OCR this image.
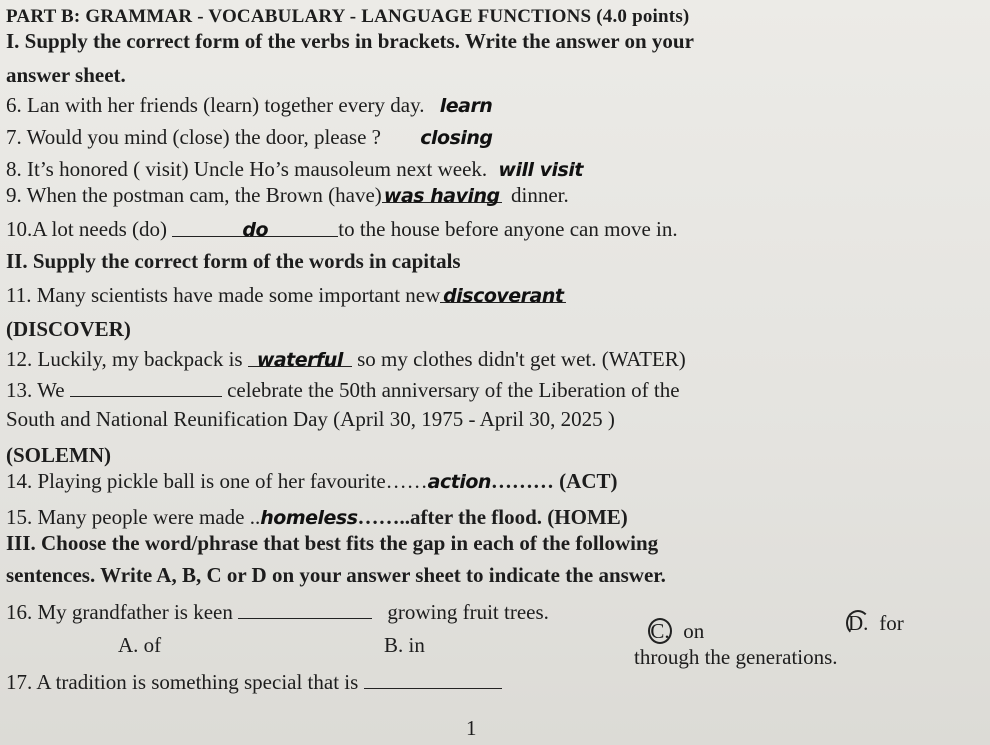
PART B: GRAMMAR - VOCABULARY - LANGUAGE FUNCTIONS (4.0 points)
I. Supply the correct form of the verbs in brackets. Write the answer on your
answer sheet.
6. Lan with her friends (learn) together every day. learn
7. Would you mind (close) the door, please ? closing
8. It’s honored ( visit) Uncle Ho’s mausoleum next week. will visit
9. When the postman cam, the Brown (have) was having dinner.
10.A lot needs (do)	do	to the house before anyone can move in.
II. Supply the correct form of the words in capitals
11. Many scientists have made some important new discoverant
(DISCOVER)
12. Luckily, my backpack is waterful so my clothes didn't get wet. (WATER)
13. We	celebrate the 50th anniversary of the Liberation of the
South and National Reunification Day (April 30, 1975 - April 30, 2025 )
(SOLEMN)
14. Playing pickle ball is one of her favourite……action……… (ACT)
15. Many people were made ..homeless……..after the flood. (HOME)
III. Choose the word/phrase that best fits the gap in each of the following
sentences. Write A, B, C or D on your answer sheet to indicate the answer.
16. My grandfather is keen	growing fruit trees.
A. of	B. in
C. on	D. for
17. A tradition is something special that is
through the generations.
1
